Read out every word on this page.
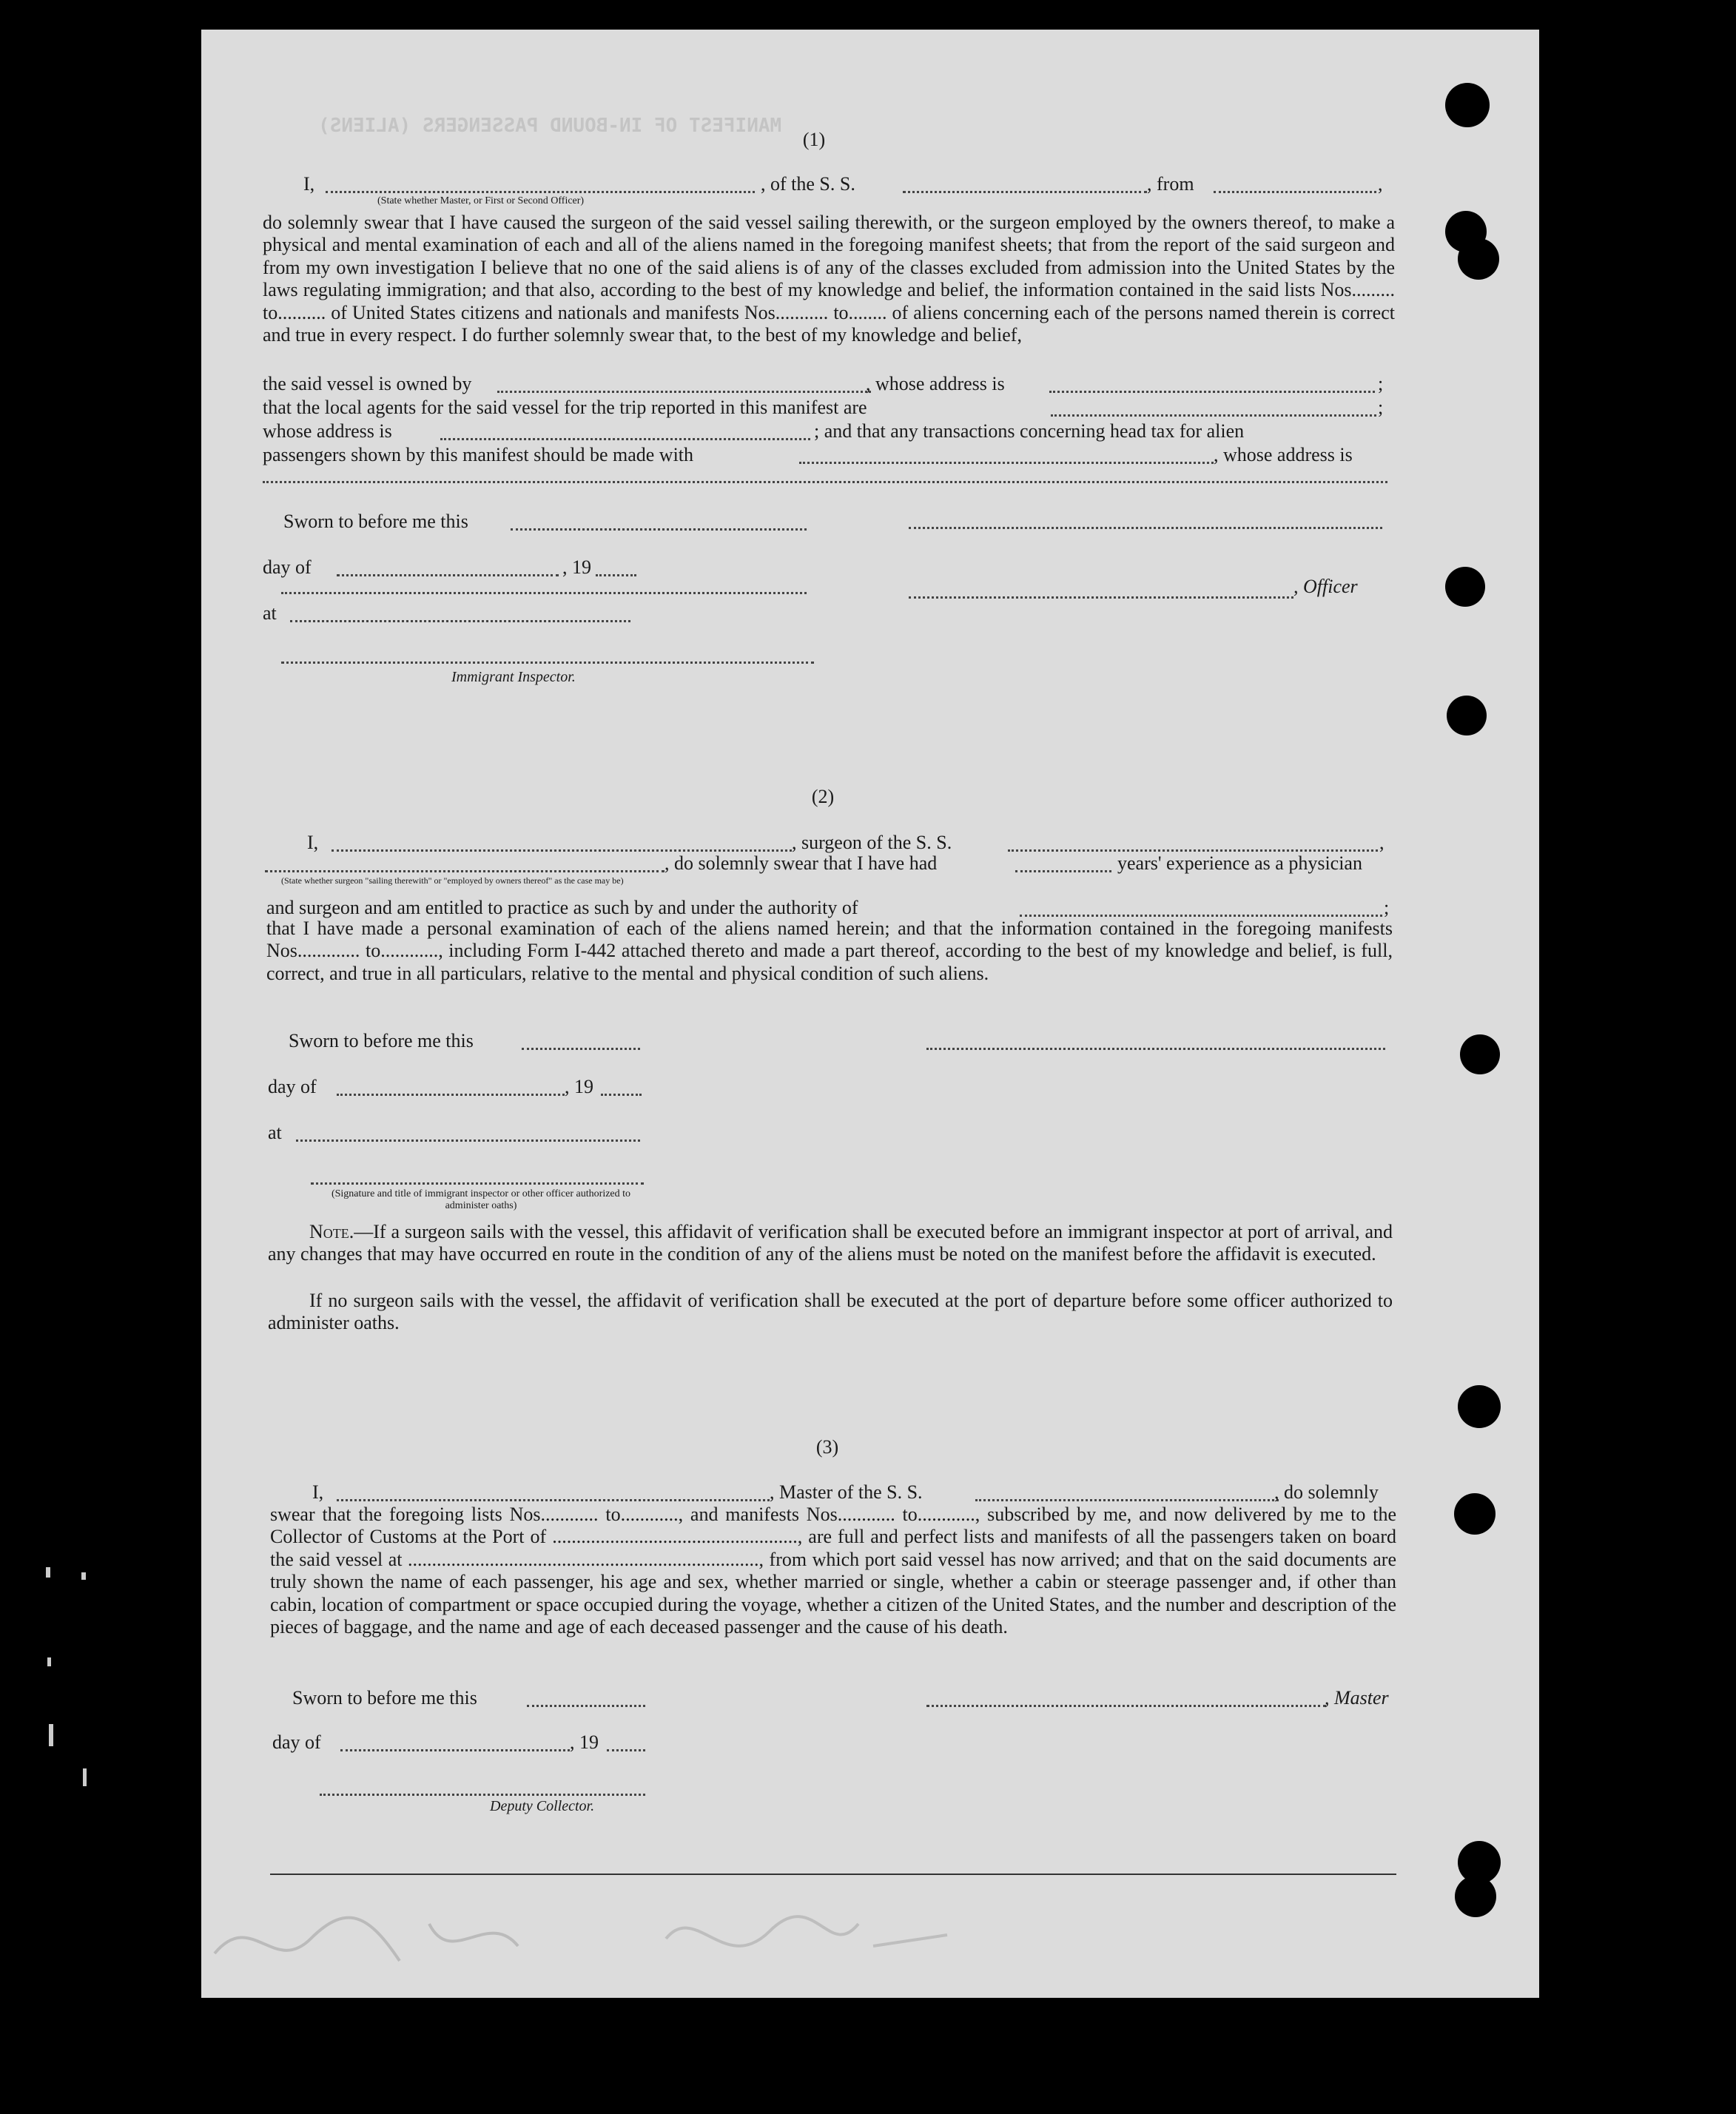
MANIFEST OF IN-BOUND PASSENGERS (ALIENS)
(1)
I,	, of the S. S.	, from	,
(State whether Master, or First or Second Officer)
do solemnly swear that I have caused the surgeon of the said vessel sailing therewith, or the surgeon employed by the owners thereof, to make a physical and mental examination of each and all of the aliens named in the foregoing manifest sheets; that from the report of the said surgeon and from my own investigation I believe that no one of the said aliens is of any of the classes excluded from admission into the United States by the laws regulating immigration; and that also, according to the best of my knowledge and belief, the information contained in the said lists Nos......... to.......... of United States citizens and nationals and manifests Nos........... to........ of aliens concerning each of the persons named therein is correct and true in every respect. I do further solemnly swear that, to the best of my knowledge and belief,
the said vessel is owned by	, whose address is	;
that the local agents for the said vessel for the trip reported in this manifest are	;
whose address is	; and that any transactions concerning head tax for alien
passengers shown by this manifest should be made with	, whose address is
Sworn to before me this
day of	, 19
, Officer
at
Immigrant Inspector.
(2)
I,	, surgeon of the S. S.	,
, do solemnly swear that I have had	years' experience as a physician
(State whether surgeon "sailing therewith" or "employed by owners thereof" as the case may be)
and surgeon and am entitled to practice as such by and under the authority of	;
that I have made a personal examination of each of the aliens named herein; and that the information contained in the foregoing manifests Nos............. to............, including Form I-442 attached thereto and made a part thereof, according to the best of my knowledge and belief, is full, correct, and true in all particulars, relative to the mental and physical condition of such aliens.
Sworn to before me this
day of	, 19
at
(Signature and title of immigrant inspector or other officer authorized to administer oaths)
Note.—If a surgeon sails with the vessel, this affidavit of verification shall be executed before an immigrant inspector at port of arrival, and any changes that may have occurred en route in the condition of any of the aliens must be noted on the manifest before the affidavit is executed.
If no surgeon sails with the vessel, the affidavit of verification shall be executed at the port of departure before some officer authorized to administer oaths.
(3)
I,	, Master of the S. S.	, do solemnly
swear that the foregoing lists Nos............ to............, and manifests Nos............ to............, subscribed by me, and now delivered by me to the Collector of Customs at the Port of ..................................................., are full and perfect lists and manifests of all the passengers taken on board the said vessel at ........................................................................., from which port said vessel has now arrived; and that on the said documents are truly shown the name of each passenger, his age and sex, whether married or single, whether a cabin or steerage passenger and, if other than cabin, location of compartment or space occupied during the voyage, whether a citizen of the United States, and the number and description of the pieces of baggage, and the name and age of each deceased passenger and the cause of his death.
Sworn to before me this	, Master
day of	, 19
Deputy Collector.
